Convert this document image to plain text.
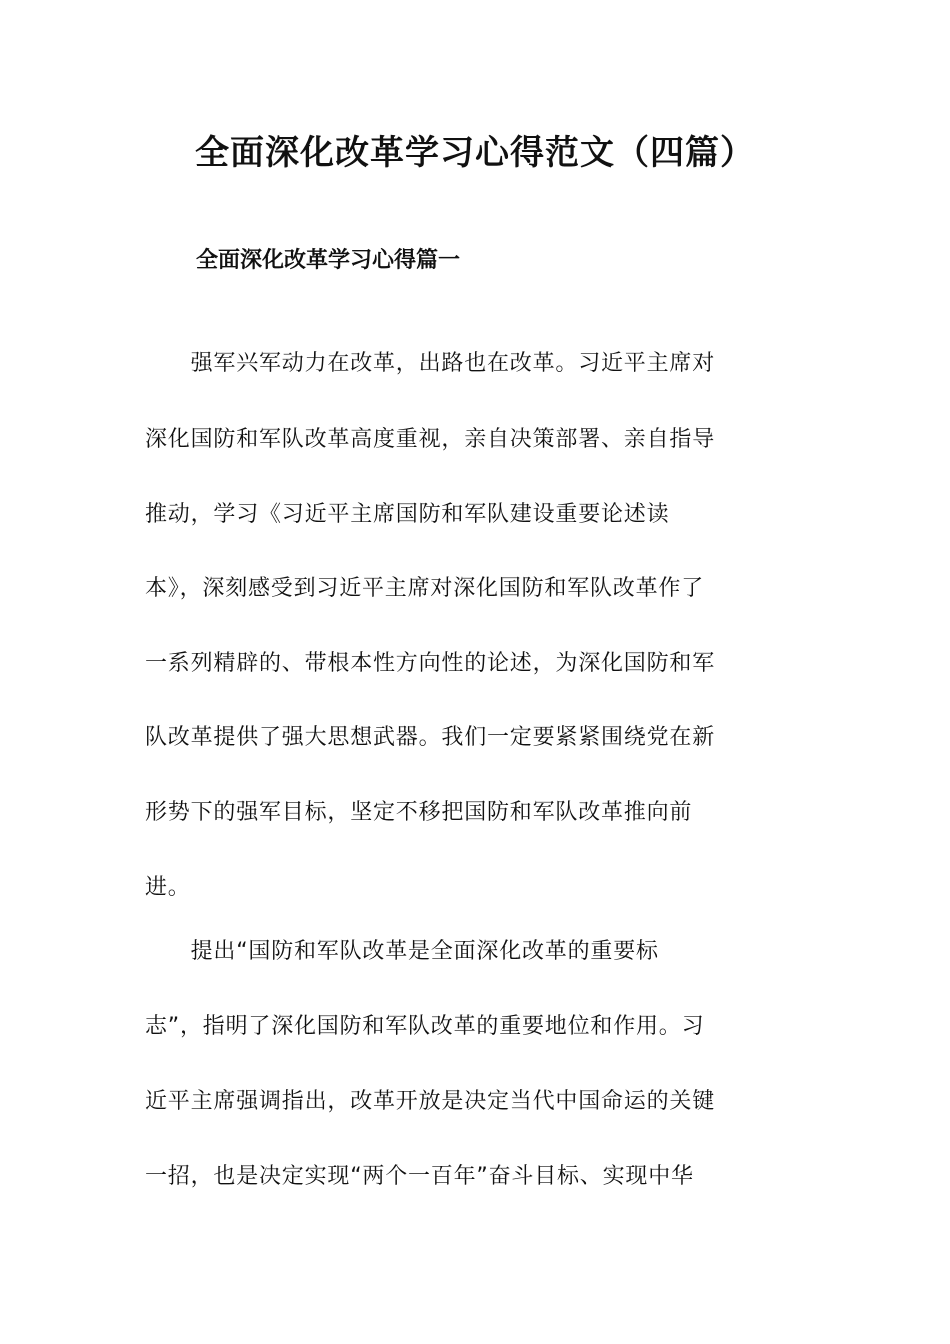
全面深化改革学习心得范文（四篇）
全面深化改革学习心得篇一
　　强军兴军动力在改革，出路也在改革。习近平主席对
深化国防和军队改革高度重视，亲自决策部署、亲自指导
推动，学习《习近平主席国防和军队建设重要论述读
本》，深刻感受到习近平主席对深化国防和军队改革作了
一系列精辟的、带根本性方向性的论述，为深化国防和军
队改革提供了强大思想武器。我们一定要紧紧围绕党在新
形势下的强军目标，坚定不移把国防和军队改革推向前
进。
　　提出“国防和军队改革是全面深化改革的重要标
志”，指明了深化国防和军队改革的重要地位和作用。习
近平主席强调指出，改革开放是决定当代中国命运的关键
一招，也是决定实现“两个一百年”奋斗目标、实现中华
